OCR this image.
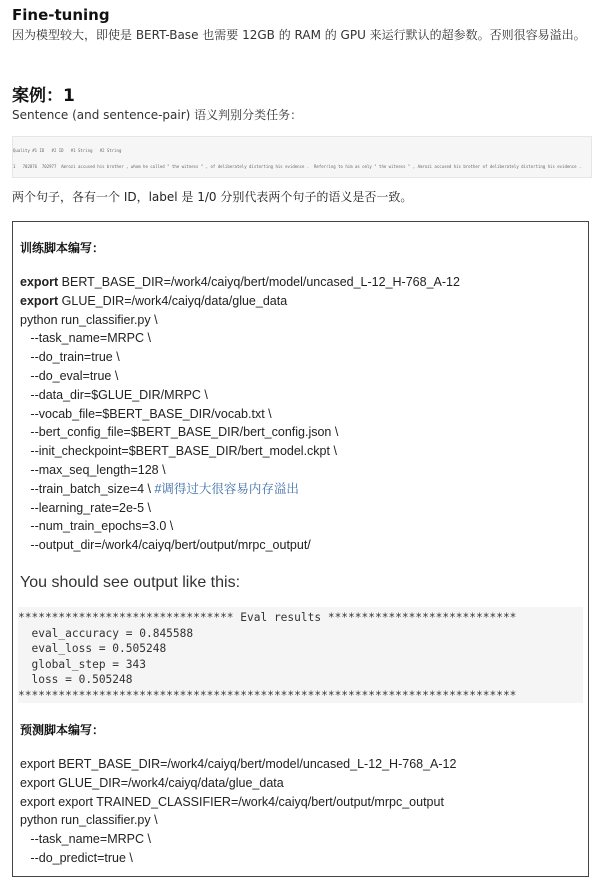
Fine-tuning
因为模型较大，即使是 BERT-Base 也需要 12GB 的 RAM 的 GPU 来运行默认的超参数。否则很容易溢出。
案例：1
Sentence (and sentence-pair) 语义判别分类任务：

Quality #1 ID   #2 ID   #1 String   #2 String

1   702876  702977  Amrozi accused his brother , whom he called " the witness " , of deliberately distorting his evidence .  Referring to him as only " the witness " , Amrozi accused his brother of deliberately distorting his evidence .

两个句子，各有一个 ID，label 是 1/0 分别代表两个句子的语义是否一致。
训练脚本编写：
export BERT_BASE_DIR=/work4/caiyq/bert/model/uncased_L-12_H-768_A-12
export GLUE_DIR=/work4/caiyq/data/glue_data
python run_classifier.py \
--task_name=MRPC \
--do_train=true \
--do_eval=true \
--data_dir=$GLUE_DIR/MRPC \
--vocab_file=$BERT_BASE_DIR/vocab.txt \
--bert_config_file=$BERT_BASE_DIR/bert_config.json \
--init_checkpoint=$BERT_BASE_DIR/bert_model.ckpt \
--max_seq_length=128 \
--train_batch_size=4 \ #调得过大很容易内存溢出
--learning_rate=2e-5 \
--num_train_epochs=3.0 \
--output_dir=/work4/caiyq/bert/output/mrpc_output/
You should see output like this:
******************************** Eval results ****************************
eval_accuracy = 0.845588
eval_loss = 0.505248
global_step = 343
loss = 0.505248
**************************************************************************
预测脚本编写：
export BERT_BASE_DIR=/work4/caiyq/bert/model/uncased_L-12_H-768_A-12
export GLUE_DIR=/work4/caiyq/data/glue_data
export export TRAINED_CLASSIFIER=/work4/caiyq/bert/output/mrpc_output
python run_classifier.py \
--task_name=MRPC \
--do_predict=true \
